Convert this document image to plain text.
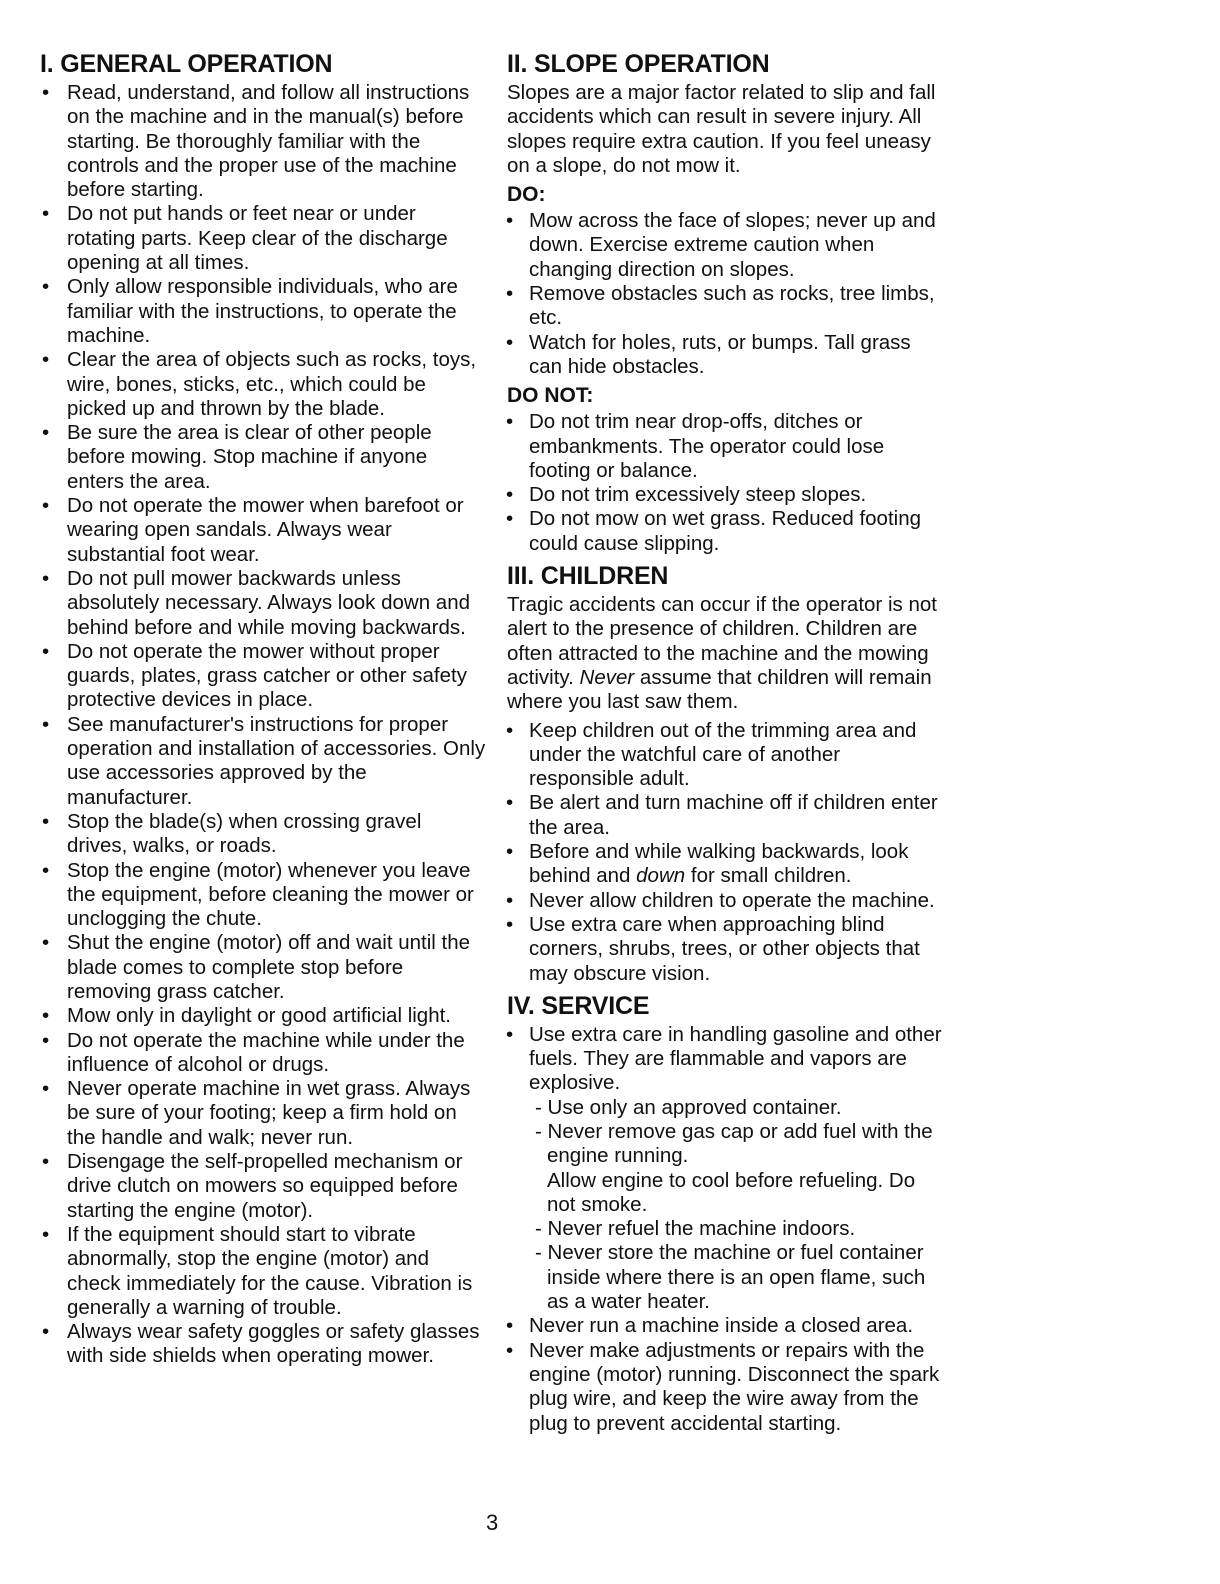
I. GENERAL OPERATION
• Read, understand, and follow all instructions on the machine and in the manual(s) before starting. Be thoroughly familiar with the controls and the proper use of the machine before starting.
• Do not put hands or feet near or under rotating parts. Keep clear of the discharge opening at all times.
• Only allow responsible individuals, who are familiar with the instructions, to operate the machine.
• Clear the area of objects such as rocks, toys, wire, bones, sticks, etc., which could be picked up and thrown by the blade.
• Be sure the area is clear of other people before mowing. Stop machine if anyone enters the area.
• Do not operate the mower when barefoot or wearing open sandals. Always wear substantial foot wear.
• Do not pull mower backwards unless absolutely necessary. Always look down and behind before and while moving backwards.
• Do not operate the mower without proper guards, plates, grass catcher or other safety protective devices in place.
• See manufacturer's instructions for proper operation and installation of accessories. Only use accessories approved by the manufacturer.
• Stop the blade(s) when crossing gravel drives, walks, or roads.
• Stop the engine (motor) whenever you leave the equipment, before cleaning the mower or unclogging the chute.
• Shut the engine (motor) off and wait until the blade comes to complete stop before removing grass catcher.
• Mow only in daylight or good artificial light.
• Do not operate the machine while under the influence of alcohol or drugs.
• Never operate machine in wet grass. Always be sure of your footing; keep a firm hold on the handle and walk; never run.
• Disengage the self-propelled mechanism or drive clutch on mowers so equipped before starting the engine (motor).
• If the equipment should start to vibrate abnormally, stop the engine (motor) and check immediately for the cause. Vibration is generally a warning of trouble.
• Always wear safety goggles or safety glasses with side shields when operating mower.
II. SLOPE OPERATION

Slopes are a major factor related to slip and fall accidents which can result in severe injury. All slopes require extra caution. If you feel uneasy on a slope, do not mow it.

DO:
• Mow across the face of slopes; never up and down. Exercise extreme caution when changing direction on slopes.
• Remove obstacles such as rocks, tree limbs, etc.
• Watch for holes, ruts, or bumps. Tall grass can hide obstacles.
DO NOT:
• Do not trim near drop-offs, ditches or embankments. The operator could lose footing or balance.
• Do not trim excessively steep slopes.
• Do not mow on wet grass. Reduced footing could cause slipping.
III. CHILDREN

Tragic accidents can occur if the operator is not alert to the presence of children. Children are often attracted to the machine and the mowing activity. Never assume that children will remain where you last saw them.

• Keep children out of the trimming area and under the watchful care of another responsible adult.
• Be alert and turn machine off if children enter the area.
• Before and while walking backwards, look behind and down for small children.
• Never allow children to operate the machine.
• Use extra care when approaching blind corners, shrubs, trees, or other objects that may obscure vision.
IV. SERVICE
• Use extra care in handling gasoline and other fuels. They are flammable and vapors are explosive.
- Use only an approved container.
- Never remove gas cap or add fuel with the engine running.
Allow engine to cool before refueling. Do not smoke.
- Never refuel the machine indoors.
- Never store the machine or fuel container inside where there is an open flame, such as a water heater.
• Never run a machine inside a closed area.
• Never make adjustments or repairs with the engine (motor) running. Disconnect the spark plug wire, and keep the wire away from the plug to prevent accidental starting.
3
